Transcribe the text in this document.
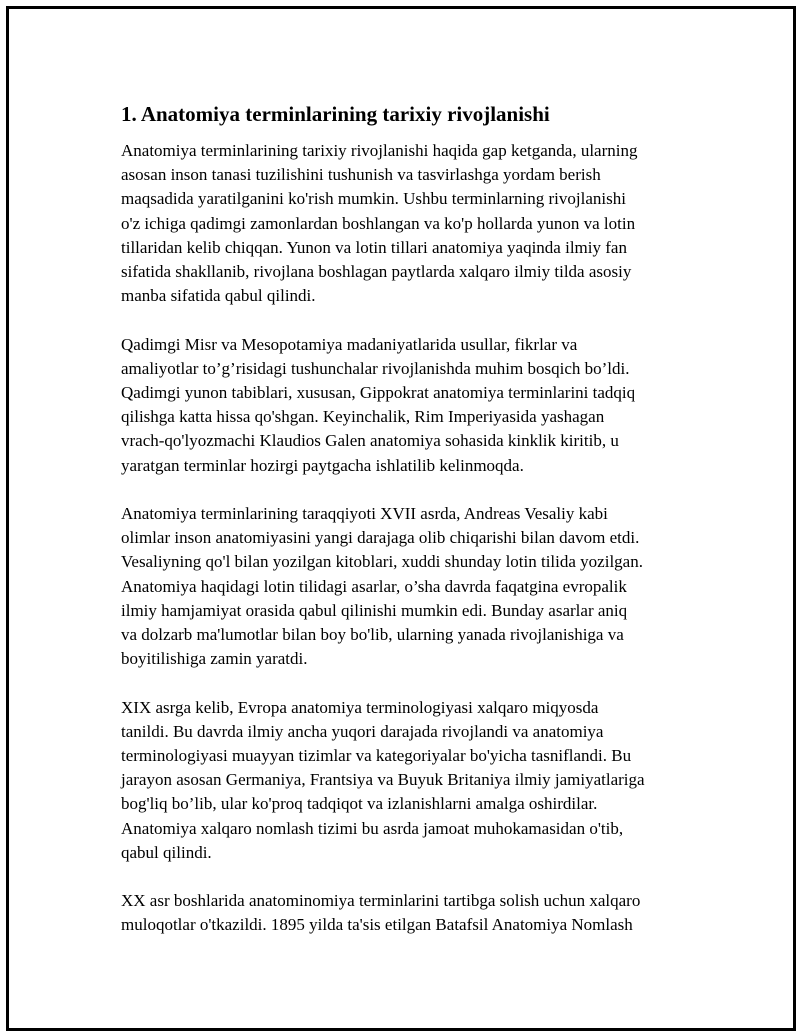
1. Anatomiya terminlarining tarixiy rivojlanishi

Anatomiya terminlarining tarixiy rivojlanishi haqida gap ketganda, ularning
asosan inson tanasi tuzilishini tushunish va tasvirlashga yordam berish
maqsadida yaratilganini ko'rish mumkin. Ushbu terminlarning rivojlanishi
o'z ichiga qadimgi zamonlardan boshlangan va ko'p hollarda yunon va lotin
tillaridan kelib chiqqan. Yunon va lotin tillari anatomiya yaqinda ilmiy fan
sifatida shakllanib, rivojlana boshlagan paytlarda xalqaro ilmiy tilda asosiy
manba sifatida qabul qilindi.

Qadimgi Misr va Mesopotamiya madaniyatlarida usullar, fikrlar va
amaliyotlar to’g’risidagi tushunchalar rivojlanishda muhim bosqich bo’ldi.
Qadimgi yunon tabiblari, xususan, Gippokrat anatomiya terminlarini tadqiq
qilishga katta hissa qo'shgan. Keyinchalik, Rim Imperiyasida yashagan
vrach-qo'lyozmachi Klaudios Galen anatomiya sohasida kinklik kiritib, u
yaratgan terminlar hozirgi paytgacha ishlatilib kelinmoqda.

Anatomiya terminlarining taraqqiyoti XVII asrda, Andreas Vesaliy kabi
olimlar inson anatomiyasini yangi darajaga olib chiqarishi bilan davom etdi.
Vesaliyning qo'l bilan yozilgan kitoblari, xuddi shunday lotin tilida yozilgan.
Anatomiya haqidagi lotin tilidagi asarlar, o’sha davrda faqatgina evropalik
ilmiy hamjamiyat orasida qabul qilinishi mumkin edi. Bunday asarlar aniq
va dolzarb ma'lumotlar bilan boy bo'lib, ularning yanada rivojlanishiga va
boyitilishiga zamin yaratdi.

XIX asrga kelib, Evropa anatomiya terminologiyasi xalqaro miqyosda
tanildi. Bu davrda ilmiy ancha yuqori darajada rivojlandi va anatomiya
terminologiyasi muayyan tizimlar va kategoriyalar bo'yicha tasniflandi. Bu
jarayon asosan Germaniya, Frantsiya va Buyuk Britaniya ilmiy jamiyatlariga
bog'liq bo’lib, ular ko'proq tadqiqot va izlanishlarni amalga oshirdilar.
Anatomiya xalqaro nomlash tizimi bu asrda jamoat muhokamasidan o'tib,
qabul qilindi.

XX asr boshlarida anatominomiya terminlarini tartibga solish uchun xalqaro
muloqotlar o'tkazildi. 1895 yilda ta'sis etilgan Batafsil Anatomiya Nomlash
